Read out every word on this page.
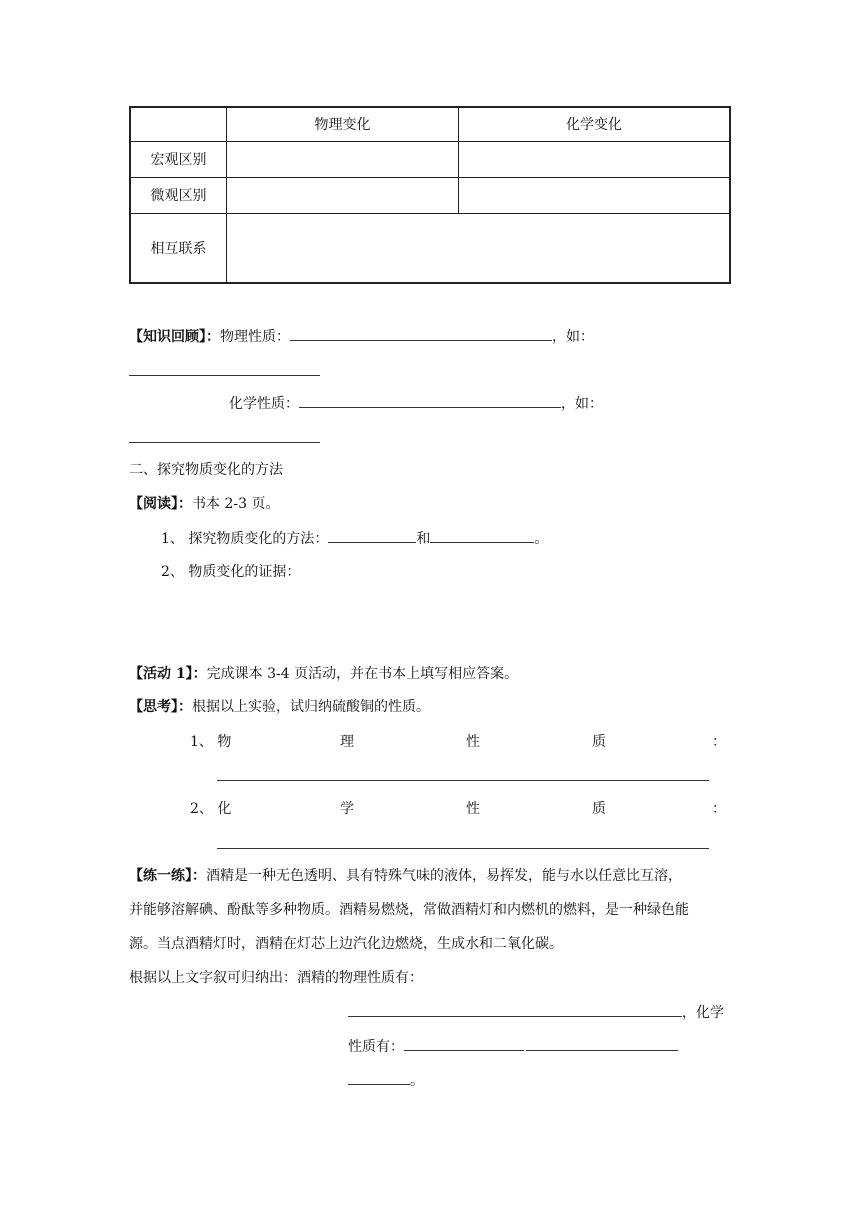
	物理变化	化学变化
宏观区别		
微观区别		
相互联系		
【知识回顾】：物理性质：	，如：
化学性质：	，如：
二、探究物质变化的方法
【阅读】：书本 2-3 页。
1、 探究物质变化的方法：	和	。
2、 物质变化的证据：
【活动 1】：完成课本 3-4 页活动，并在书本上填写相应答案。
【思考】：根据以上实验，试归纳硫酸铜的性质。
1、 物	理	性	质	：
2、 化	学	性	质	：
【练一练】：酒精是一种无色透明、具有特殊气味的液体，易挥发，能与水以任意比互溶，
并能够溶解碘、酚酞等多种物质。酒精易燃烧，常做酒精灯和内燃机的燃料，是一种绿色能
源。当点酒精灯时，酒精在灯芯上边汽化边燃烧，生成水和二氧化碳。
根据以上文字叙可归纳出：酒精的物理性质有：
，化学
性质有：
。
